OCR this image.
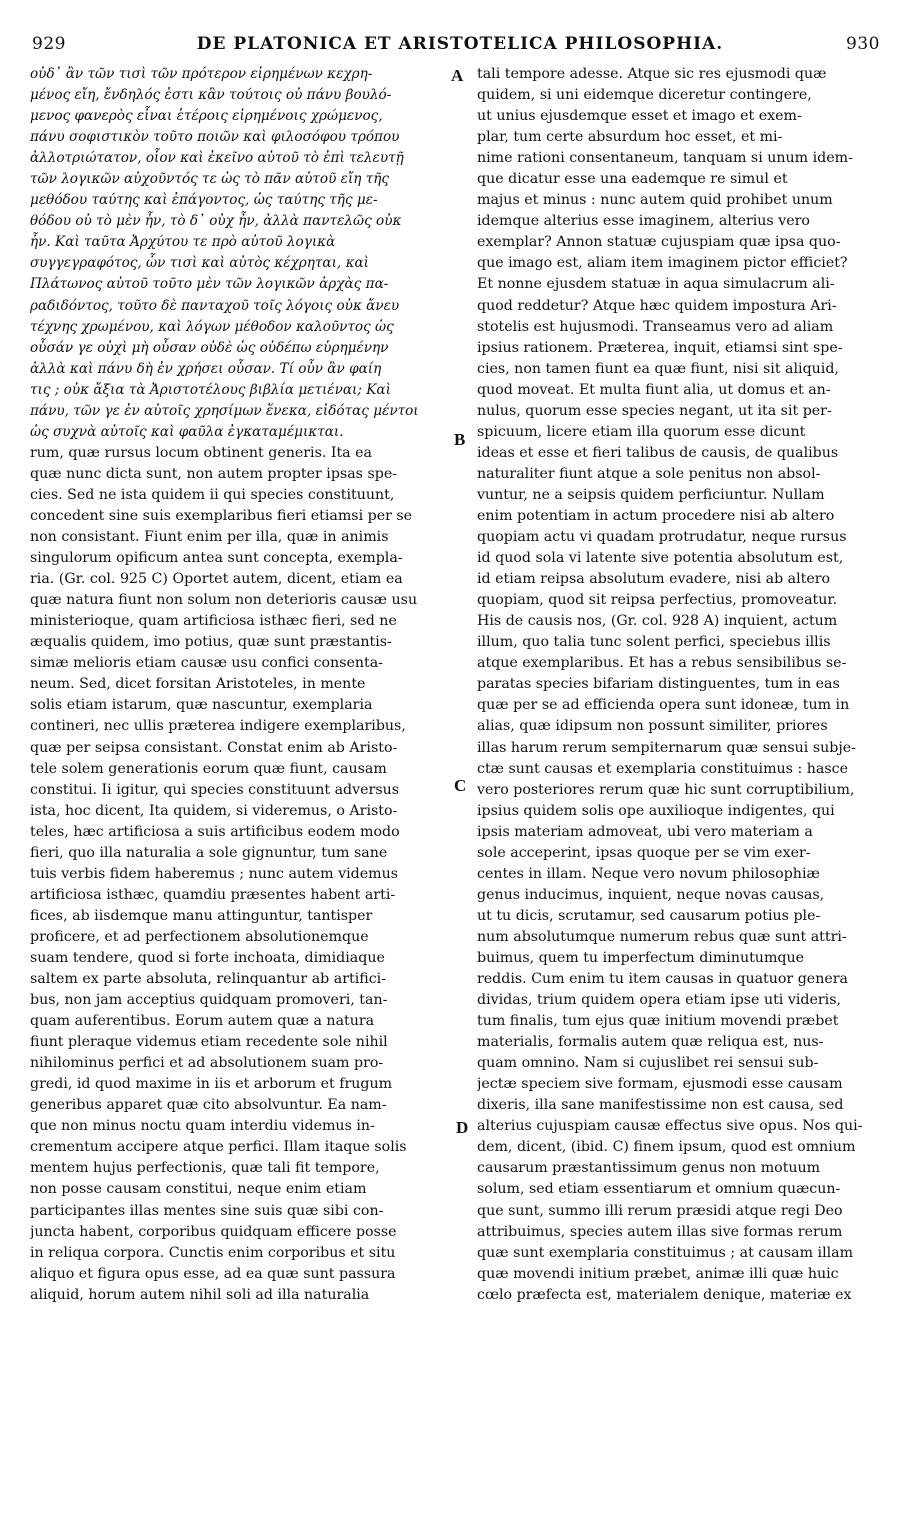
929	DE PLATONICA ET ARISTOTELICA PHILOSOPHIA.	930
οὐδ᾽ ἂν τῶν τισὶ τῶν πρότερον εἰρημένων κεχρη-
μένος εἴη, ἔνδηλός ἐστι κἂν τούτοις οὐ πάνυ βουλό-
μενος φανερὸς εἶναι ἑτέροις εἰρημένοις χρώμενος,
πάνυ σοφιστικὸν τοῦτο ποιῶν καὶ φιλοσόφου τρόπου
ἀλλοτριώτατον, οἷον καὶ ἐκεῖνο αὐτοῦ τὸ ἐπὶ τελευτῇ
τῶν λογικῶν αὐχοῦντός τε ὡς τὸ πᾶν αὐτοῦ εἴη τῆς
μεθόδου ταύτης καὶ ἐπάγοντος, ὡς ταύτης τῆς με-
θόδου οὐ τὸ μὲν ἦν, τὸ δ᾽ οὐχ ἦν, ἀλλὰ παντελῶς οὐκ
ἦν. Καὶ ταῦτα Ἀρχύτου τε πρὸ αὐτοῦ λογικὰ
συγγεγραφότος, ὧν τισὶ καὶ αὐτὸς κέχρηται, καὶ
Πλάτωνος αὐτοῦ τοῦτο μὲν τῶν λογικῶν ἀρχὰς πα-
ραδιδόντος, τοῦτο δὲ πανταχοῦ τοῖς λόγοις οὐκ ἄνευ
τέχνης χρωμένου, καὶ λόγων μέθοδον καλοῦντος ὡς
οὖσάν γε οὐχὶ μὴ οὖσαν οὐδὲ ὡς οὐδέπω εὑρημένην
ἀλλὰ καὶ πάνυ δὴ ἐν χρήσει οὖσαν. Τί οὖν ἂν φαίη
τις ; οὐκ ἄξια τὰ Ἀριστοτέλους βιβλία μετιέναι; Καὶ
πάνυ, τῶν γε ἐν αὐτοῖς χρησίμων ἕνεκα, εἰδότας μέντοι
ὡς συχνὰ αὐτοῖς καὶ φαῦλα ἐγκαταμέμικται.
rum, quæ rursus locum obtinent generis. Ita ea
quæ nunc dicta sunt, non autem propter ipsas spe-
cies. Sed ne ista quidem ii qui species constituunt,
concedent sine suis exemplaribus fieri etiamsi per se
non consistant. Fiunt enim per illa, quæ in animis
singulorum opificum antea sunt concepta, exempla-
ria. (Gr. col. 925 C) Oportet autem, dicent, etiam ea
quæ natura fiunt non solum non deterioris causæ usu
ministerioque, quam artificiosa isthæc fieri, sed ne
æqualis quidem, imo potius, quæ sunt præstantis-
simæ melioris etiam causæ usu confici consenta-
neum. Sed, dicet forsitan Aristoteles, in mente
solis etiam istarum, quæ nascuntur, exemplaria
contineri, nec ullis præterea indigere exemplaribus,
quæ per seipsa consistant. Constat enim ab Aristo-
tele solem generationis eorum quæ fiunt, causam
constitui. Ii igitur, qui species constituunt adversus
ista, hoc dicent, Ita quidem, si videremus, o Aristo-
teles, hæc artificiosa a suis artificibus eodem modo
fieri, quo illa naturalia a sole gignuntur, tum sane
tuis verbis fidem haberemus ; nunc autem videmus
artificiosa isthæc, quamdiu præsentes habent arti-
fices, ab iisdemque manu attinguntur, tantisper
proficere, et ad perfectionem absolutionemque
suam tendere, quod si forte inchoata, dimidiaque
saltem ex parte absoluta, relinquantur ab artifici-
bus, non jam acceptius quidquam promoveri, tan-
quam auferentibus. Eorum autem quæ a natura
fiunt pleraque videmus etiam recedente sole nihil
nihilominus perfici et ad absolutionem suam pro-
gredi, id quod maxime in iis et arborum et frugum
generibus apparet quæ cito absolvuntur. Ea nam-
que non minus noctu quam interdiu videmus in-
crementum accipere atque perfici. Illam itaque solis
mentem hujus perfectionis, quæ tali fit tempore,
non posse causam constitui, neque enim etiam
participantes illas mentes sine suis quæ sibi con-
juncta habent, corporibus quidquam efficere posse
in reliqua corpora. Cunctis enim corporibus et situ
aliquo et figura opus esse, ad ea quæ sunt passura
aliquid, horum autem nihil soli ad illa naturalia
tali tempore adesse. Atque sic res ejusmodi quæ
quidem, si uni eidemque diceretur contingere,
ut unius ejusdemque esset et imago et exem-
plar, tum certe absurdum hoc esset, et mi-
nime rationi consentaneum, tanquam si unum idem-
que dicatur esse una eademque re simul et
majus et minus : nunc autem quid prohibet unum
idemque alterius esse imaginem, alterius vero
exemplar? Annon statuæ cujuspiam quæ ipsa quo-
que imago est, aliam item imaginem pictor efficiet?
Et nonne ejusdem statuæ in aqua simulacrum ali-
quod reddetur? Atque hæc quidem impostura Ari-
stotelis est hujusmodi. Transeamus vero ad aliam
ipsius rationem. Præterea, inquit, etiamsi sint spe-
cies, non tamen fiunt ea quæ fiunt, nisi sit aliquid,
quod moveat. Et multa fiunt alia, ut domus et an-
nulus, quorum esse species negant, ut ita sit per-
spicuum, licere etiam illa quorum esse dicunt
ideas et esse et fieri talibus de causis, de qualibus
naturaliter fiunt atque a sole penitus non absol-
vuntur, ne a seipsis quidem perficiuntur. Nullam
enim potentiam in actum procedere nisi ab altero
quopiam actu vi quadam protrudatur, neque rursus
id quod sola vi latente sive potentia absolutum est,
id etiam reipsa absolutum evadere, nisi ab altero
quopiam, quod sit reipsa perfectius, promoveatur.
His de causis nos, (Gr. col. 928 A) inquient, actum
illum, quo talia tunc solent perfici, speciebus illis
atque exemplaribus. Et has a rebus sensibilibus se-
paratas species bifariam distinguentes, tum in eas
quæ per se ad efficienda opera sunt idoneæ, tum in
alias, quæ idipsum non possunt similiter, priores
illas harum rerum sempiternarum quæ sensui subje-
ctæ sunt causas et exemplaria constituimus : hasce
vero posteriores rerum quæ hic sunt corruptibilium,
ipsius quidem solis ope auxilioque indigentes, qui
ipsis materiam admoveat, ubi vero materiam a
sole acceperint, ipsas quoque per se vim exer-
centes in illam. Neque vero novum philosophiæ
genus inducimus, inquient, neque novas causas,
ut tu dicis, scrutamur, sed causarum potius ple-
num absolutumque numerum rebus quæ sunt attri-
buimus, quem tu imperfectum diminutumque
reddis. Cum enim tu item causas in quatuor genera
dividas, trium quidem opera etiam ipse uti videris,
tum finalis, tum ejus quæ initium movendi præbet
materialis, formalis autem quæ reliqua est, nus-
quam omnino. Nam si cujuslibet rei sensui sub-
jectæ speciem sive formam, ejusmodi esse causam
dixeris, illa sane manifestissime non est causa, sed
alterius cujuspiam causæ effectus sive opus. Nos qui-
dem, dicent, (ibid. C) finem ipsum, quod est omnium
causarum præstantissimum genus non motuum
solum, sed etiam essentiarum et omnium quæcun-
que sunt, summo illi rerum præsidi atque regi Deo
attribuimus, species autem illas sive formas rerum
quæ sunt exemplaria constituimus ; at causam illam
quæ movendi initium præbet, animæ illi quæ huic
cœlo præfecta est, materialem denique, materiæ ex
A
B
C
D
